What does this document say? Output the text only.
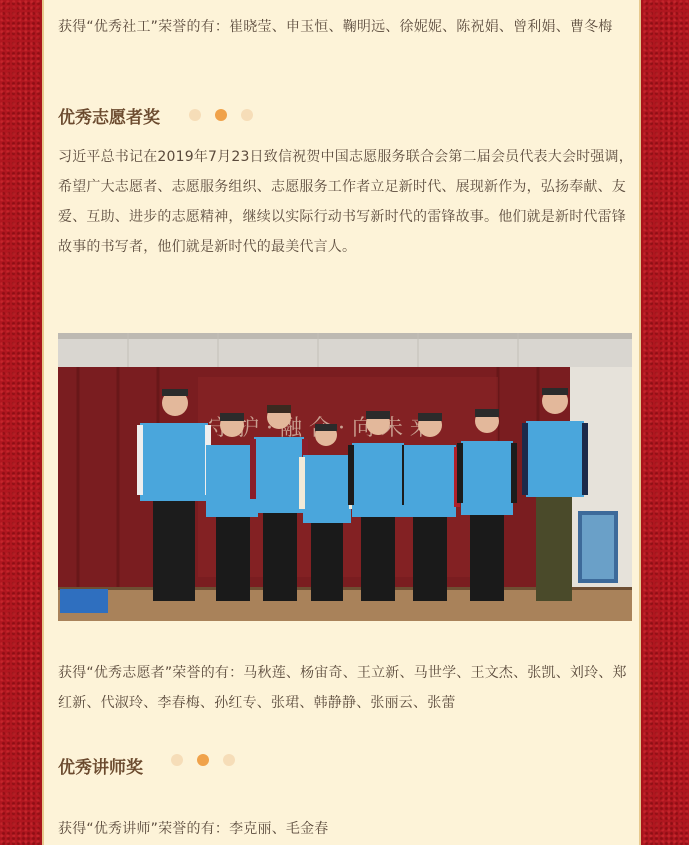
获得“优秀社工”荣誉的有：崔晓莹、申玉恒、鞠明远、徐妮妮、陈祝娟、曾利娟、曹冬梅
优秀志愿者奖
习近平总书记在2019年7月23日致信祝贺中国志愿服务联合会第二届会员代表大会时强调，希望广大志愿者、志愿服务组织、志愿服务工作者立足新时代、展现新作为，弘扬奉献、友爱、互助、进步的志愿精神，继续以实际行动书写新时代的雷锋故事。他们就是新时代雷锋故事的书写者，他们就是新时代的最美代言人。
守 护 · 融 · 向 未
获得“优秀志愿者”荣誉的有：马秋莲、杨宙奇、王立新、马世学、王文杰、张凯、刘玲、郑红新、代淑玲、李春梅、孙红专、张珺、韩静静、张丽云、张蕾
优秀讲师奖
获得“优秀讲师”荣誉的有：李克丽、毛金春
